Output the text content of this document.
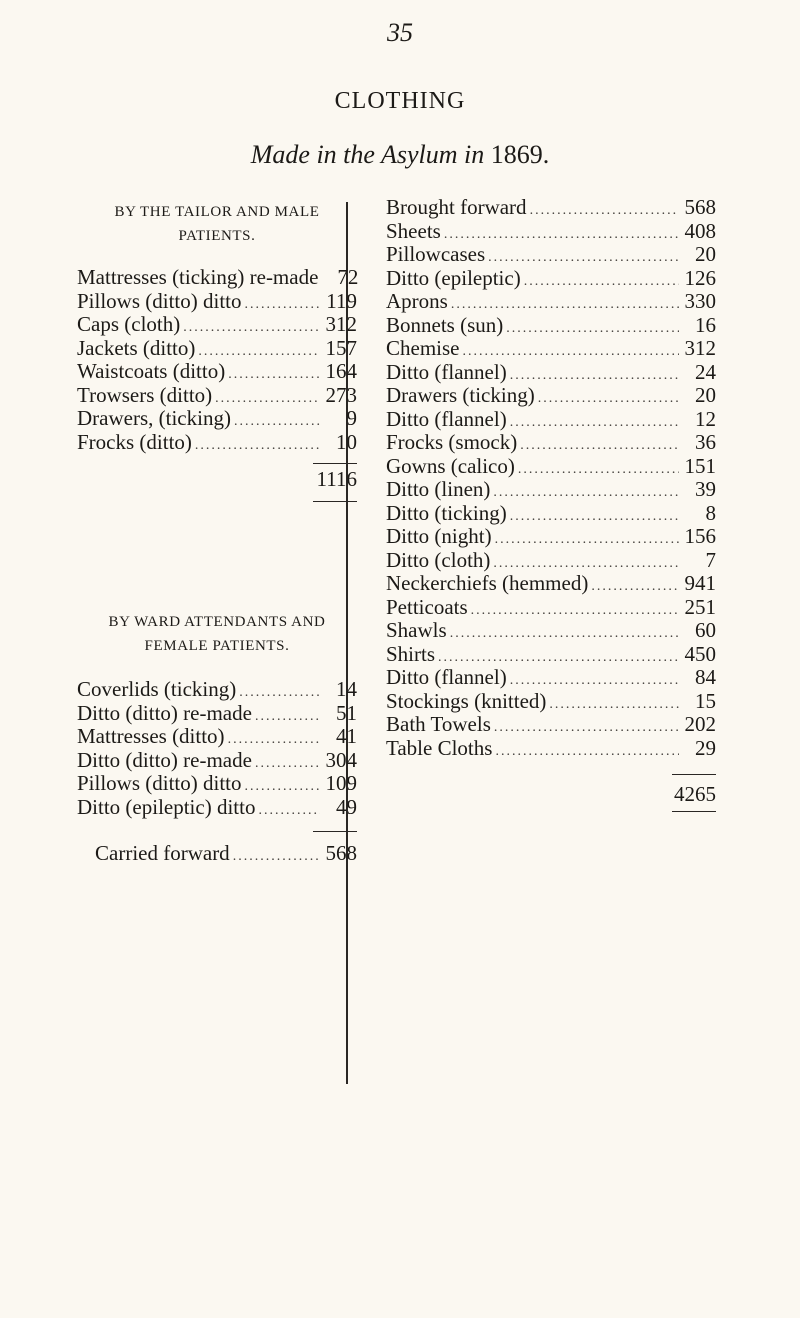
35
CLOTHING
Made in the Asylum in 1869.
BY THE TAILOR AND MALE
PATIENTS.
Mattresses (ticking) re-made 72
Pillows (ditto) ditto .....	119
Caps (cloth) .....	312
Jackets (ditto) .....	157
Waistcoats (ditto) .....	164
Trowsers (ditto) .....	273
Drawers, (ticking) .....	9
Frocks (ditto) .....	10
1116
BY WARD ATTENDANTS AND
FEMALE PATIENTS.
Coverlids (ticking) .....	14
Ditto (ditto) re-made .....	51
Mattresses (ditto) .....	41
Ditto (ditto) re-made .....	304
Pillows (ditto) ditto .....	109
Ditto (epileptic) ditto .....	49
Carried forward .....	568
Brought forward .....	568
Sheets .....	408
Pillowcases .....	20
Ditto (epileptic) .....	126
Aprons .....	330
Bonnets (sun) .....	16
Chemise .....	312
Ditto (flannel) .....	24
Drawers (ticking) .....	20
Ditto (flannel) .....	12
Frocks (smock) .....	36
Gowns (calico) .....	151
Ditto (linen) .....	39
Ditto (ticking) .....	8
Ditto (night) .....	156
Ditto (cloth) .....	7
Neckerchiefs (hemmed) .....	941
Petticoats .....	251
Shawls .....	60
Shirts .....	450
Ditto (flannel) .....	84
Stockings (knitted) .....	15
Bath Towels .....	202
Table Cloths .....	29
4265
